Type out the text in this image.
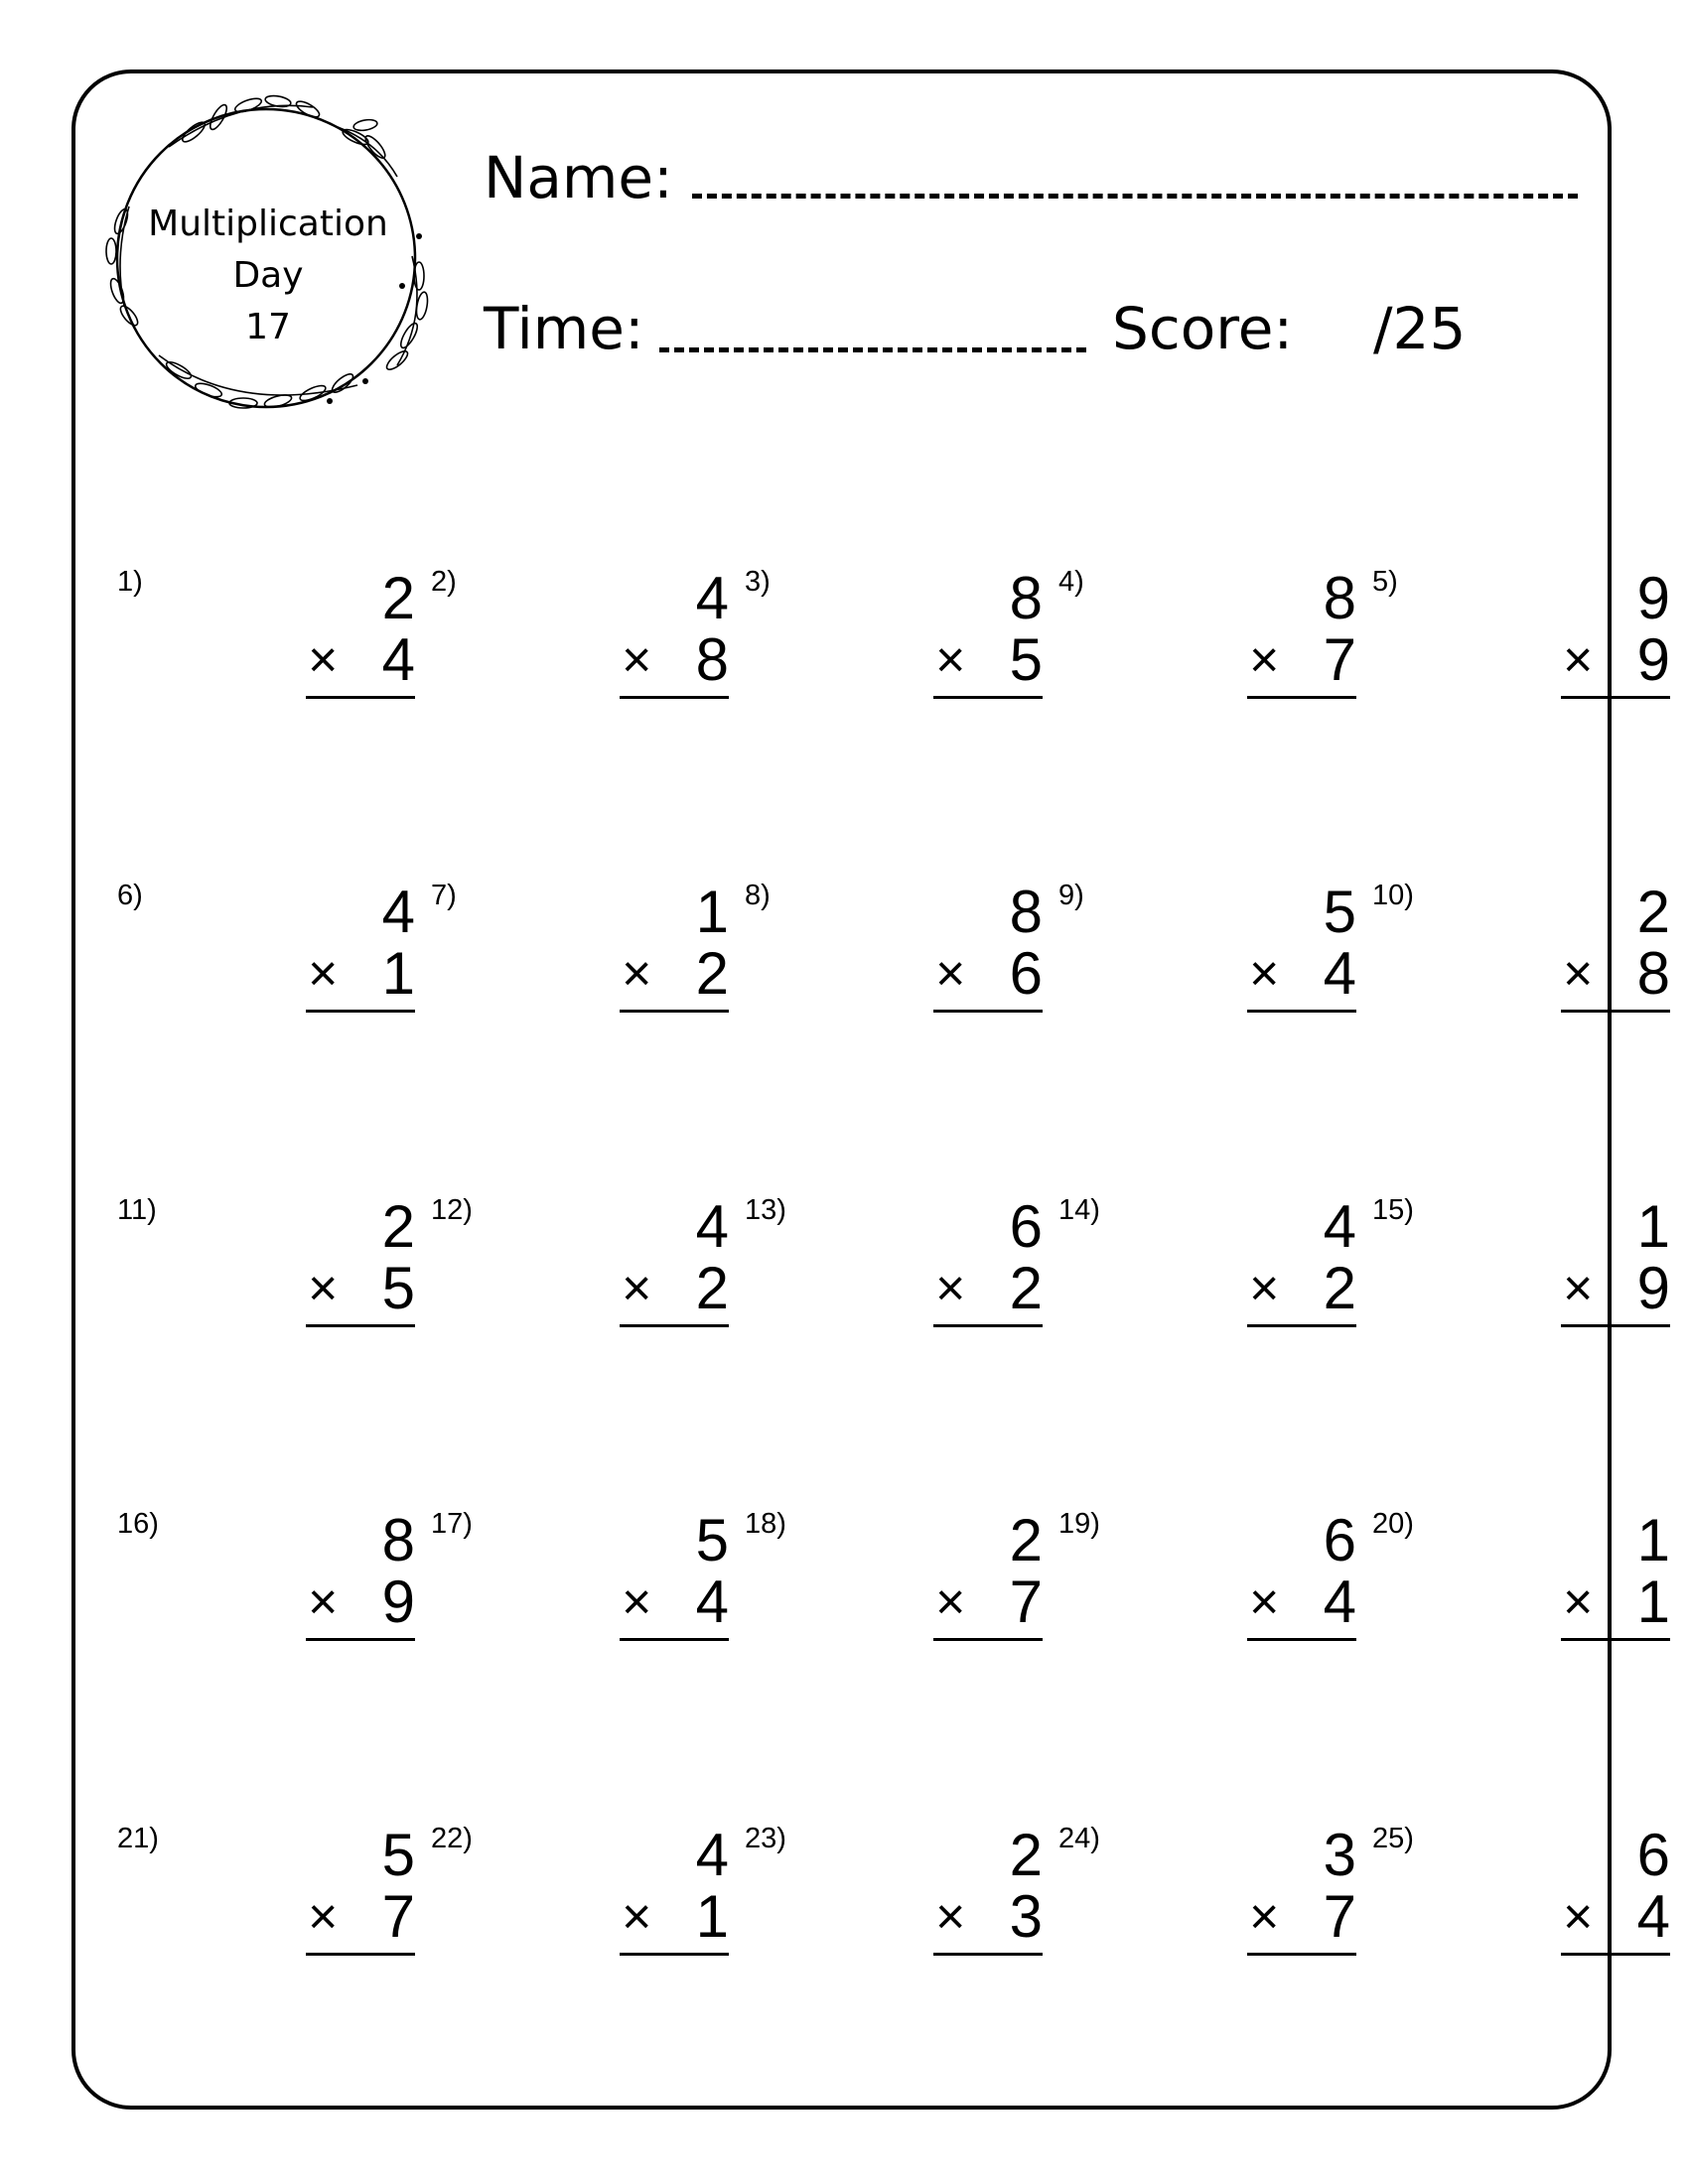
Multiplication
Day
17
Name:
Time:	Score: /25
1)	2
× 4
2)	4
× 8
3)	8
× 5
4)	8
× 7
5)	9
× 9
6)	4
× 1
7)	1
× 2
8)	8
× 6
9)	5
× 4
10)	2
× 8
11)	2
× 5
12)	4
× 2
13)	6
× 2
14)	4
× 2
15)	1
× 9
16)	8
× 9
17)	5
× 4
18)	2
× 7
19)	6
× 4
20)	1
× 1
21)	5
× 7
22)	4
× 1
23)	2
× 3
24)	3
× 7
25)	6
× 4
